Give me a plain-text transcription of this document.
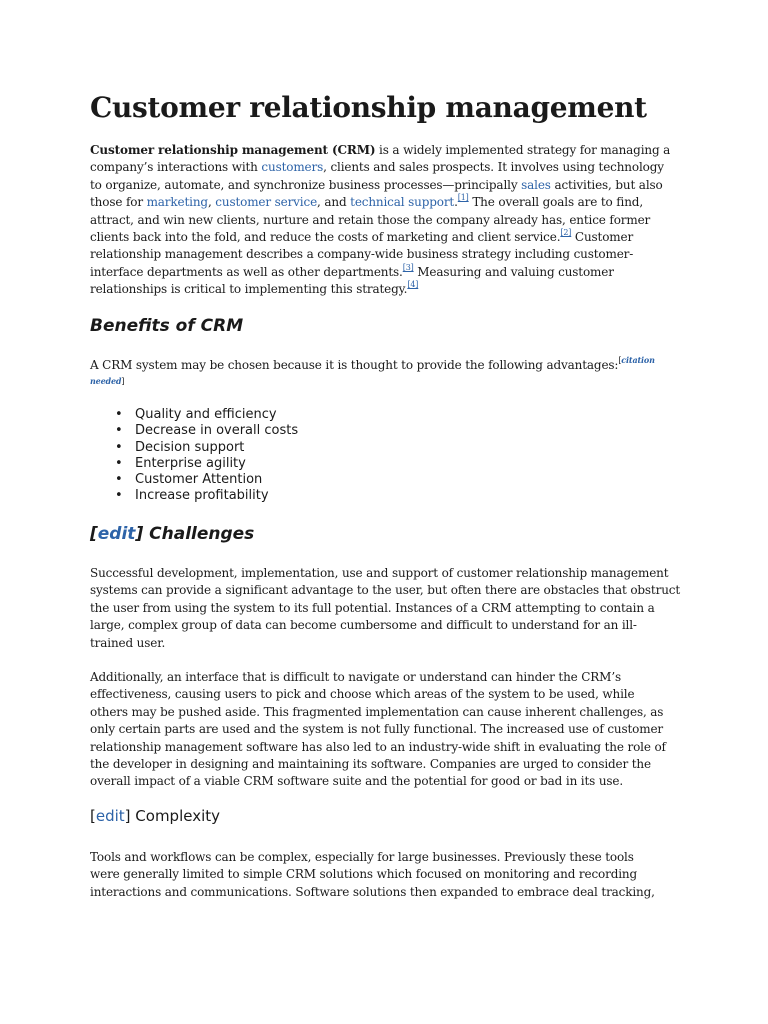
Customer relationship management

Customer relationship management (CRM) is a widely implemented strategy for managing a
company’s interactions with customers, clients and sales prospects. It involves using technology
to organize, automate, and synchronize business processes—principally sales activities, but also
those for marketing, customer service, and technical support.[1] The overall goals are to find,
attract, and win new clients, nurture and retain those the company already has, entice former
clients back into the fold, and reduce the costs of marketing and client service.[2] Customer
relationship management describes a company-wide business strategy including customer-
interface departments as well as other departments.[3] Measuring and valuing customer
relationships is critical to implementing this strategy.[4]

Benefits of CRM

A CRM system may be chosen because it is thought to provide the following advantages:$^{[citation}$
needed]

• Quality and efficiency
• Decrease in overall costs
• Decision support
• Enterprise agility
• Customer Attention
• Increase profitability
[edit] Challenges

Successful development, implementation, use and support of customer relationship management
systems can provide a significant advantage to the user, but often there are obstacles that obstruct
the user from using the system to its full potential. Instances of a CRM attempting to contain a
large, complex group of data can become cumbersome and difficult to understand for an ill-
trained user.

Additionally, an interface that is difficult to navigate or understand can hinder the CRM’s
effectiveness, causing users to pick and choose which areas of the system to be used, while
others may be pushed aside. This fragmented implementation can cause inherent challenges, as
only certain parts are used and the system is not fully functional. The increased use of customer
relationship management software has also led to an industry-wide shift in evaluating the role of
the developer in designing and maintaining its software. Companies are urged to consider the
overall impact of a viable CRM software suite and the potential for good or bad in its use.

[edit] Complexity

Tools and workflows can be complex, especially for large businesses. Previously these tools
were generally limited to simple CRM solutions which focused on monitoring and recording
interactions and communications. Software solutions then expanded to embrace deal tracking,
